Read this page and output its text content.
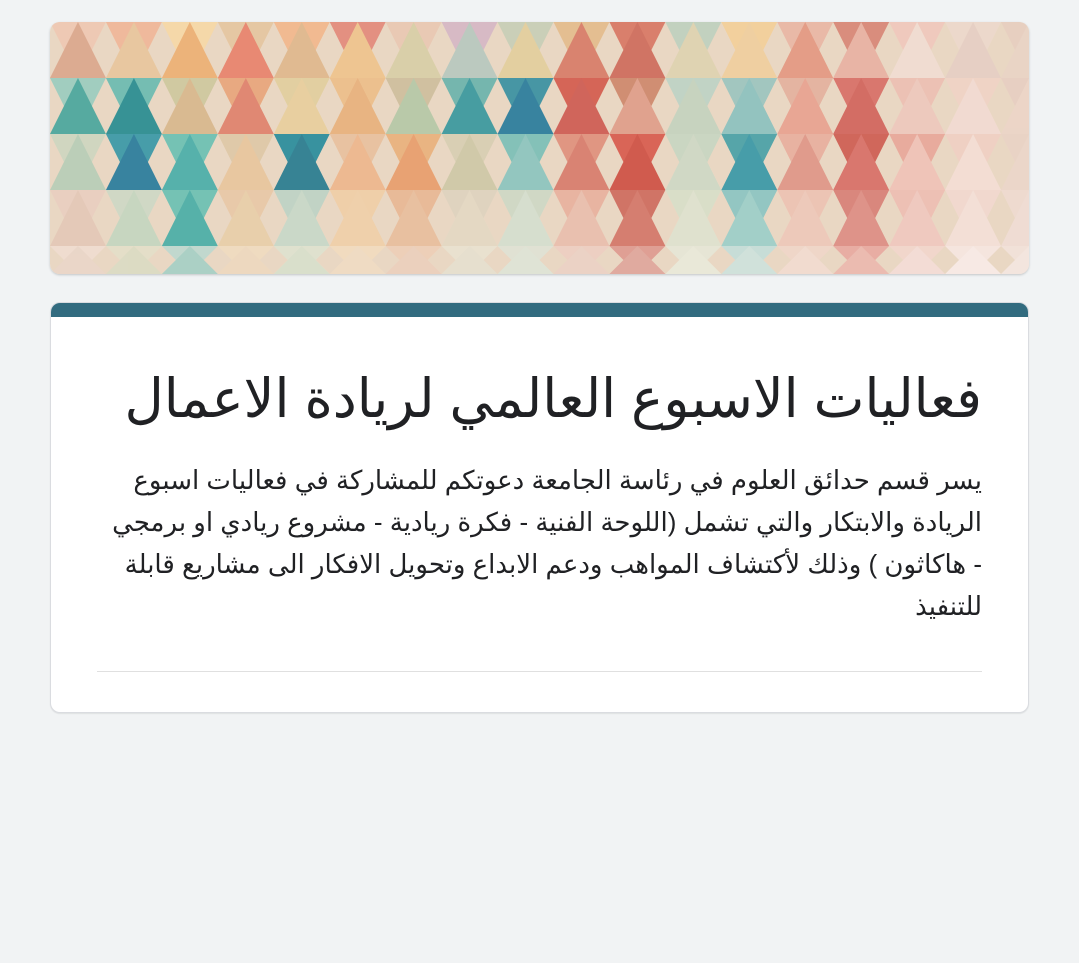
فعاليات الاسبوع العالمي لريادة الاعمال

يسر قسم حدائق العلوم في رئاسة الجامعة دعوتكم للمشاركة في فعاليات اسبوع الريادة والابتكار والتي تشمل (اللوحة الفنية - فكرة ريادية - مشروع ريادي او برمجي - هاكاثون ) وذلك لأكتشاف المواهب ودعم الابداع وتحويل الافكار الى مشاريع قابلة للتنفيذ
